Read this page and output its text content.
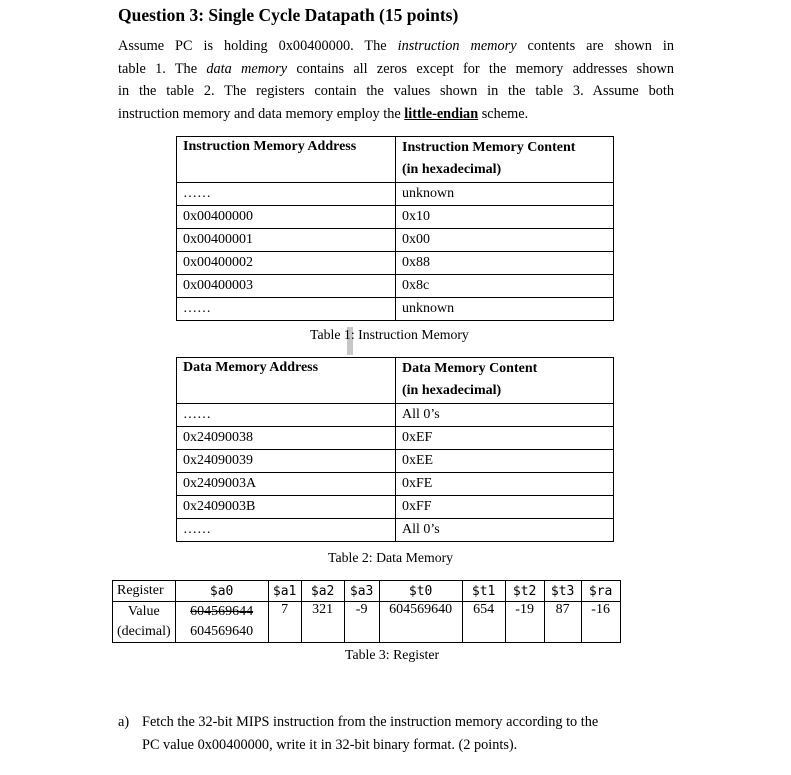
Question 3: Single Cycle Datapath (15 points)
Assume PC is holding 0x00400000. The instruction memory contents are shown in
table 1. The data memory contains all zeros except for the memory addresses shown
in the table 2. The registers contain the values shown in the table 3. Assume both
instruction memory and data memory employ the little-endian scheme.
Instruction Memory Address	Instruction Memory Content
(in hexadecimal)

……	unknown
0x00400000	0x10
0x00400001	0x00
0x00400002	0x88
0x00400003	0x8c
……	unknown
Table 1: Instruction Memory
Data Memory Address	Data Memory Content
(in hexadecimal)

……	All 0’s
0x24090038	0xEF
0x24090039	0xEE
0x2409003A	0xFE
0x2409003B	0xFF
……	All 0’s
Table 2: Data Memory
Register	$a0	$a1	$a2	$a3	$t0	$t1	$t2	$t3	$ra
Value	604569644	7	321	-9	604569640	654	-19	87	-16
(decimal)	604569640								
Table 3: Register
a) Fetch the 32-bit MIPS instruction from the instruction memory according to the
PC value 0x00400000, write it in 32-bit binary format. (2 points).
